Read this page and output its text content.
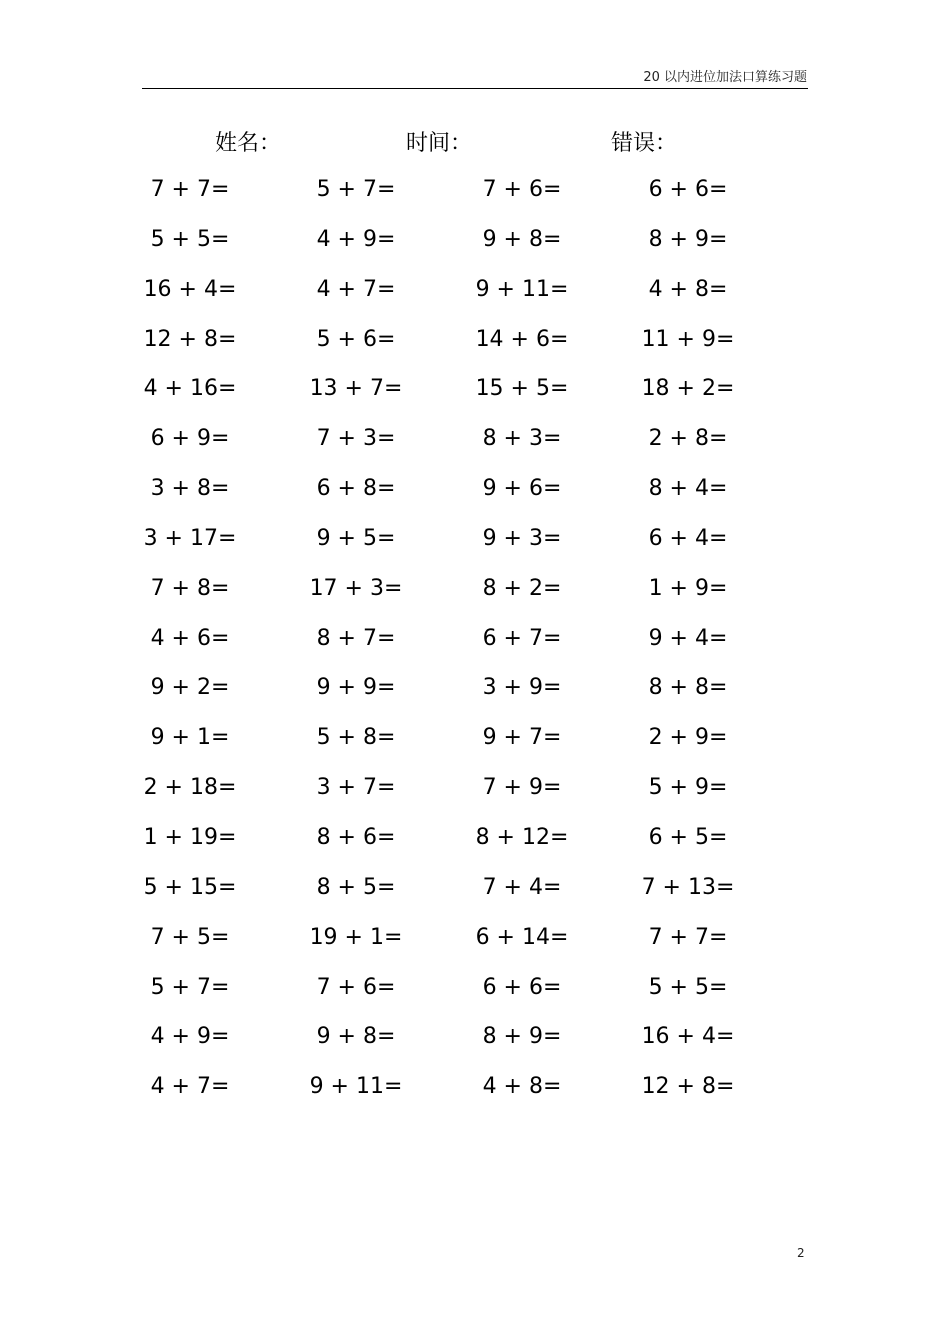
20 以内进位加法口算练习题
姓名：	时间：	错误：
7 + 7=	5 + 7=	7 + 6=	6 + 6=
5 + 5=	4 + 9=	9 + 8=	8 + 9=
16 + 4=	4 + 7=	9 + 11=	4 + 8=
12 + 8=	5 + 6=	14 + 6=	11 + 9=
4 + 16=	13 + 7=	15 + 5=	18 + 2=
6 + 9=	7 + 3=	8 + 3=	2 + 8=
3 + 8=	6 + 8=	9 + 6=	8 + 4=
3 + 17=	9 + 5=	9 + 3=	6 + 4=
7 + 8=	17 + 3=	8 + 2=	1 + 9=
4 + 6=	8 + 7=	6 + 7=	9 + 4=
9 + 2=	9 + 9=	3 + 9=	8 + 8=
9 + 1=	5 + 8=	9 + 7=	2 + 9=
2 + 18=	3 + 7=	7 + 9=	5 + 9=
1 + 19=	8 + 6=	8 + 12=	6 + 5=
5 + 15=	8 + 5=	7 + 4=	7 + 13=
7 + 5=	19 + 1=	6 + 14=	7 + 7=
5 + 7=	7 + 6=	6 + 6=	5 + 5=
4 + 9=	9 + 8=	8 + 9=	16 + 4=
4 + 7=	9 + 11=	4 + 8=	12 + 8=
2
